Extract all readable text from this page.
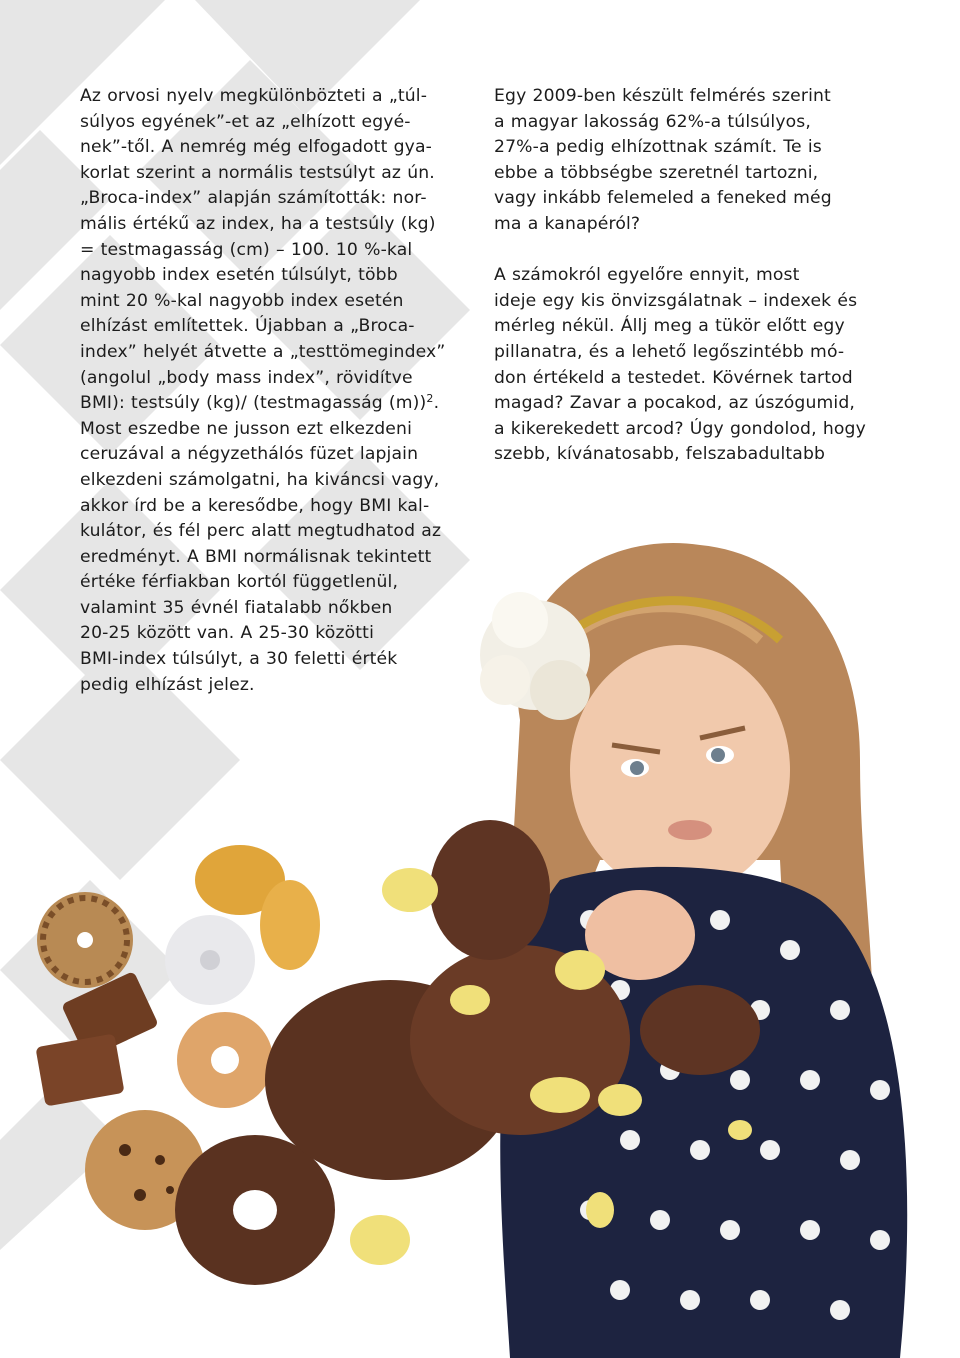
Az orvosi nyelv megkülönbözteti a „túl-
súlyos egyének”-et az „elhízott egyé-
nek”-től. A nemrég még elfogadott gya-
korlat szerint a normális testsúlyt az ún.
„Broca-index” alapján számították: nor-
mális értékű az index, ha a testsúly (kg)
= testmagasság (cm) – 100. 10 %-kal
nagyobb index esetén túlsúlyt, több
mint 20 %-kal nagyobb index esetén
elhízást említettek. Újabban a „Broca-
index” helyét átvette a „testtömegindex”
(angolul „body mass index”, rövidítve
BMI): testsúly (kg)/ (testmagasság (m))$^2$.
Most eszedbe ne jusson ezt elkezdeni
ceruzával a négyzethálós füzet lapjain
elkezdeni számolgatni, ha kiváncsi vagy,
akkor írd be a keresődbe, hogy BMI kal-
kulátor, és fél perc alatt megtudhatod az
eredményt. A BMI normálisnak tekintett
értéke férfiakban kortól függetlenül,
valamint 35 évnél fiatalabb nőkben
20-25 között van. A 25-30 közötti
BMI-index túlsúlyt, a 30 feletti érték
pedig elhízást jelez.

Egy 2009-ben készült felmérés szerint
a magyar lakosság 62%-a túlsúlyos,
27%-a pedig elhízottnak számít. Te is
ebbe a többségbe szeretnél tartozni,
vagy inkább felemeled a feneked még
ma a kanapéról?

A számokról egyelőre ennyit, most
ideje egy kis önvizsgálatnak – indexek és
mérleg nékül. Állj meg a tükör előtt egy
pillanatra, és a lehető legőszintébb mó-
don értékeld a testedet. Kövérnek tartod
magad? Zavar a pocakod, az úszógumid,
a kikerekedett arcod? Úgy gondolod, hogy
szebb, kívánatosabb, felszabadultabb
